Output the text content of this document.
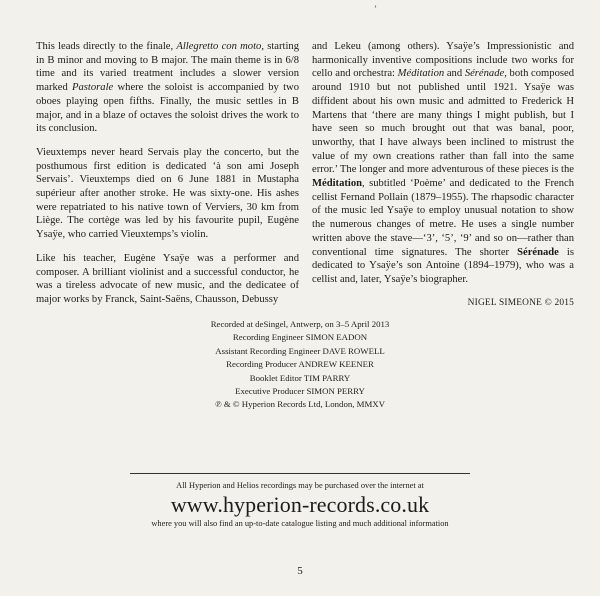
’

This leads directly to the finale, Allegretto con moto, starting in B minor and moving to B major. The main theme is in 6/8 time and its varied treatment includes a slower version marked Pastorale where the soloist is accompanied by two oboes playing open fifths. Finally, the music settles in B major, and in a blaze of octaves the soloist drives the work to its conclusion.

Vieuxtemps never heard Servais play the concerto, but the posthumous first edition is dedicated ‘à son ami Joseph Servais’. Vieuxtemps died on 6 June 1881 in Mustapha supérieur after another stroke. He was sixty-one. His ashes were repatriated to his native town of Verviers, 30 km from Liège. The cortège was led by his favourite pupil, Eugène Ysaÿe, who carried Vieuxtemps’s violin.

Like his teacher, Eugène Ysaÿe was a performer and composer. A brilliant violinist and a successful conductor, he was a tireless advocate of new music, and the dedicatee of major works by Franck, Saint-Saëns, Chausson, Debussy

and Lekeu (among others). Ysaÿe’s Impressionistic and harmonically inventive compositions include two works for cello and orchestra: Méditation and Sérénade, both composed around 1910 but not published until 1921. Ysaÿe was diffident about his own music and admitted to Frederick H Martens that ‘there are many things I might publish, but I have seen so much brought out that was banal, poor, unworthy, that I have always been inclined to mistrust the value of my own creations rather than fall into the same error.’ The longer and more adventurous of these pieces is the Méditation, subtitled ‘Poème’ and dedicated to the French cellist Fernand Pollain (1879–1955). The rhapsodic character of the music led Ysaÿe to employ unusual notation to show the numerous changes of metre. He uses a single number written above the stave—‘3’, ‘5’, ‘9’ and so on—rather than conventional time signatures. The shorter Sérénade is dedicated to Ysaÿe’s son Antoine (1894–1979), who was a cellist and, later, Ysaÿe’s biographer.

NIGEL SIMEONE © 2015
Recorded at deSingel, Antwerp, on 3–5 April 2013
Recording Engineer SIMON EADON
Assistant Recording Engineer DAVE ROWELL
Recording Producer ANDREW KEENER
Booklet Editor TIM PARRY
Executive Producer SIMON PERRY
℗ & © Hyperion Records Ltd, London, MMXV
All Hyperion and Helios recordings may be purchased over the internet at
www.hyperion-records.co.uk
where you will also find an up-to-date catalogue listing and much additional information
5
